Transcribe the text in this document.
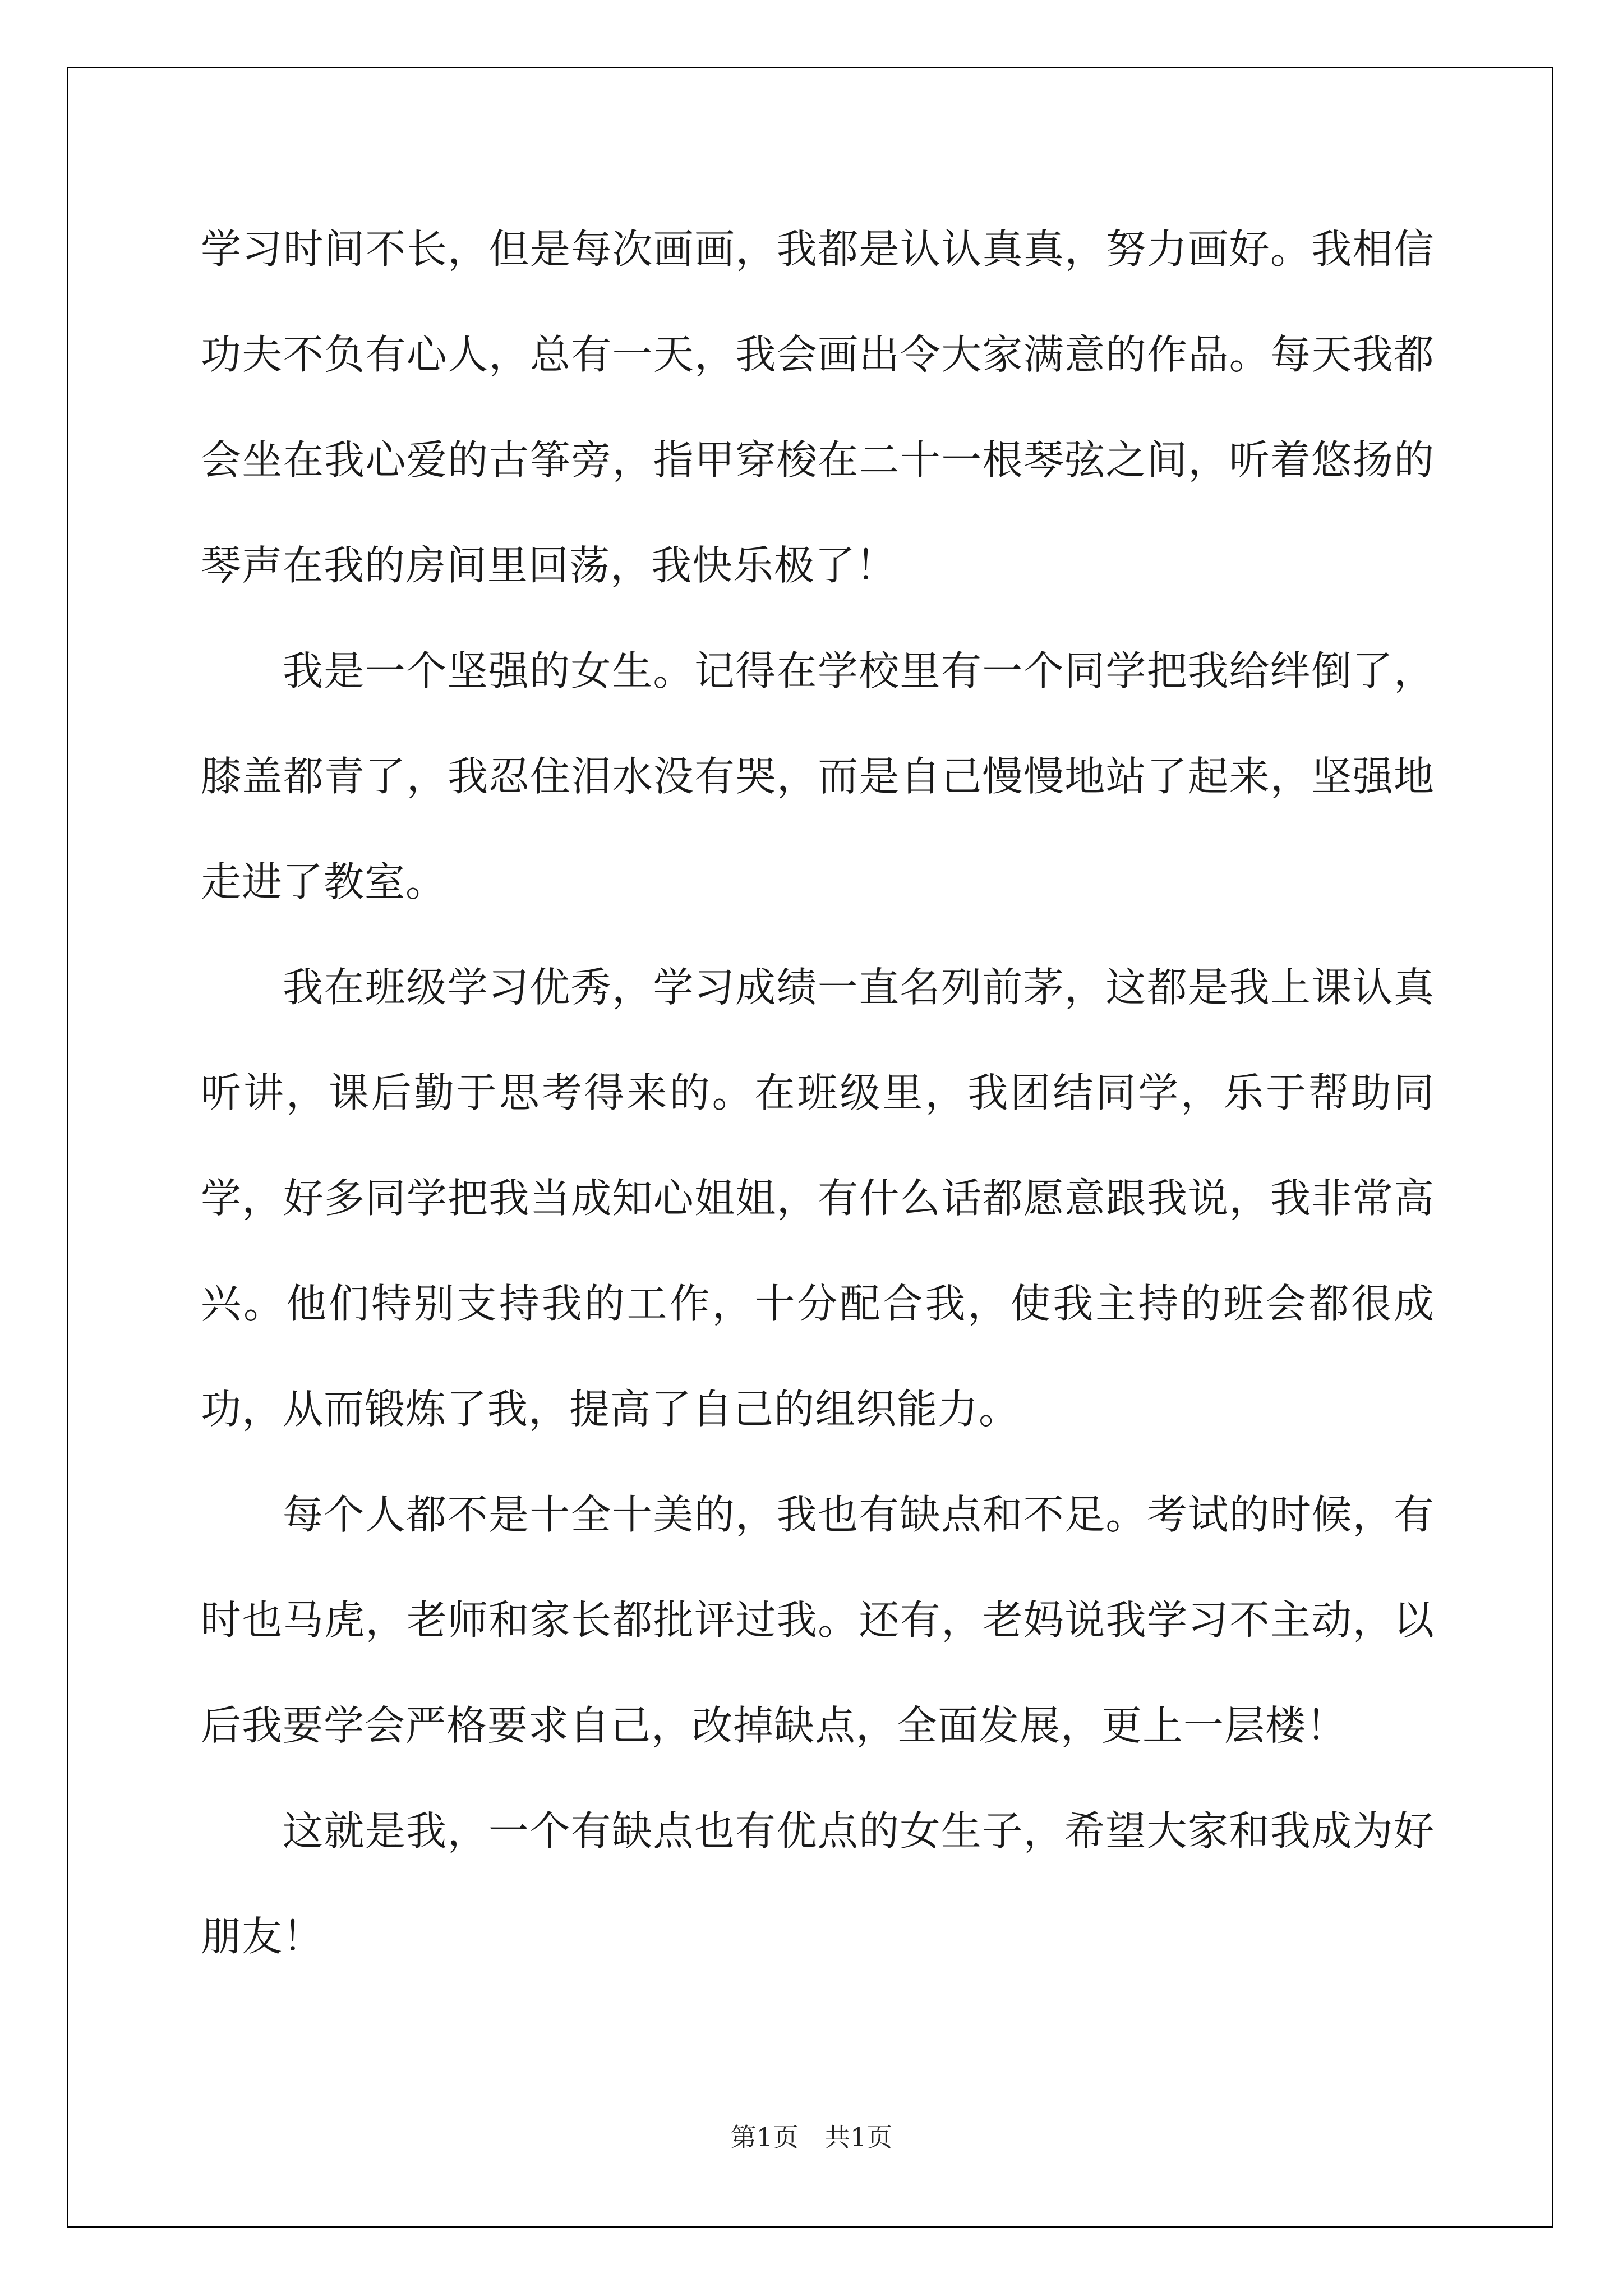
学习时间不长，但是每次画画，我都是认认真真，努力画好。我相信功夫不负有心人，总有一天，我会画出令大家满意的作品。每天我都会坐在我心爱的古筝旁，指甲穿梭在二十一根琴弦之间，听着悠扬的琴声在我的房间里回荡，我快乐极了！

我是一个坚强的女生。记得在学校里有一个同学把我给绊倒了，膝盖都青了，我忍住泪水没有哭，而是自己慢慢地站了起来，坚强地走进了教室。

我在班级学习优秀，学习成绩一直名列前茅，这都是我上课认真听讲，课后勤于思考得来的。在班级里，我团结同学，乐于帮助同学，好多同学把我当成知心姐姐，有什么话都愿意跟我说，我非常高兴。他们特别支持我的工作，十分配合我，使我主持的班会都很成功，从而锻炼了我，提高了自己的组织能力。

每个人都不是十全十美的，我也有缺点和不足。考试的时候，有时也马虎，老师和家长都批评过我。还有，老妈说我学习不主动，以后我要学会严格要求自己，改掉缺点，全面发展，更上一层楼！

这就是我，一个有缺点也有优点的女生子，希望大家和我成为好朋友！

第1页　共1页
